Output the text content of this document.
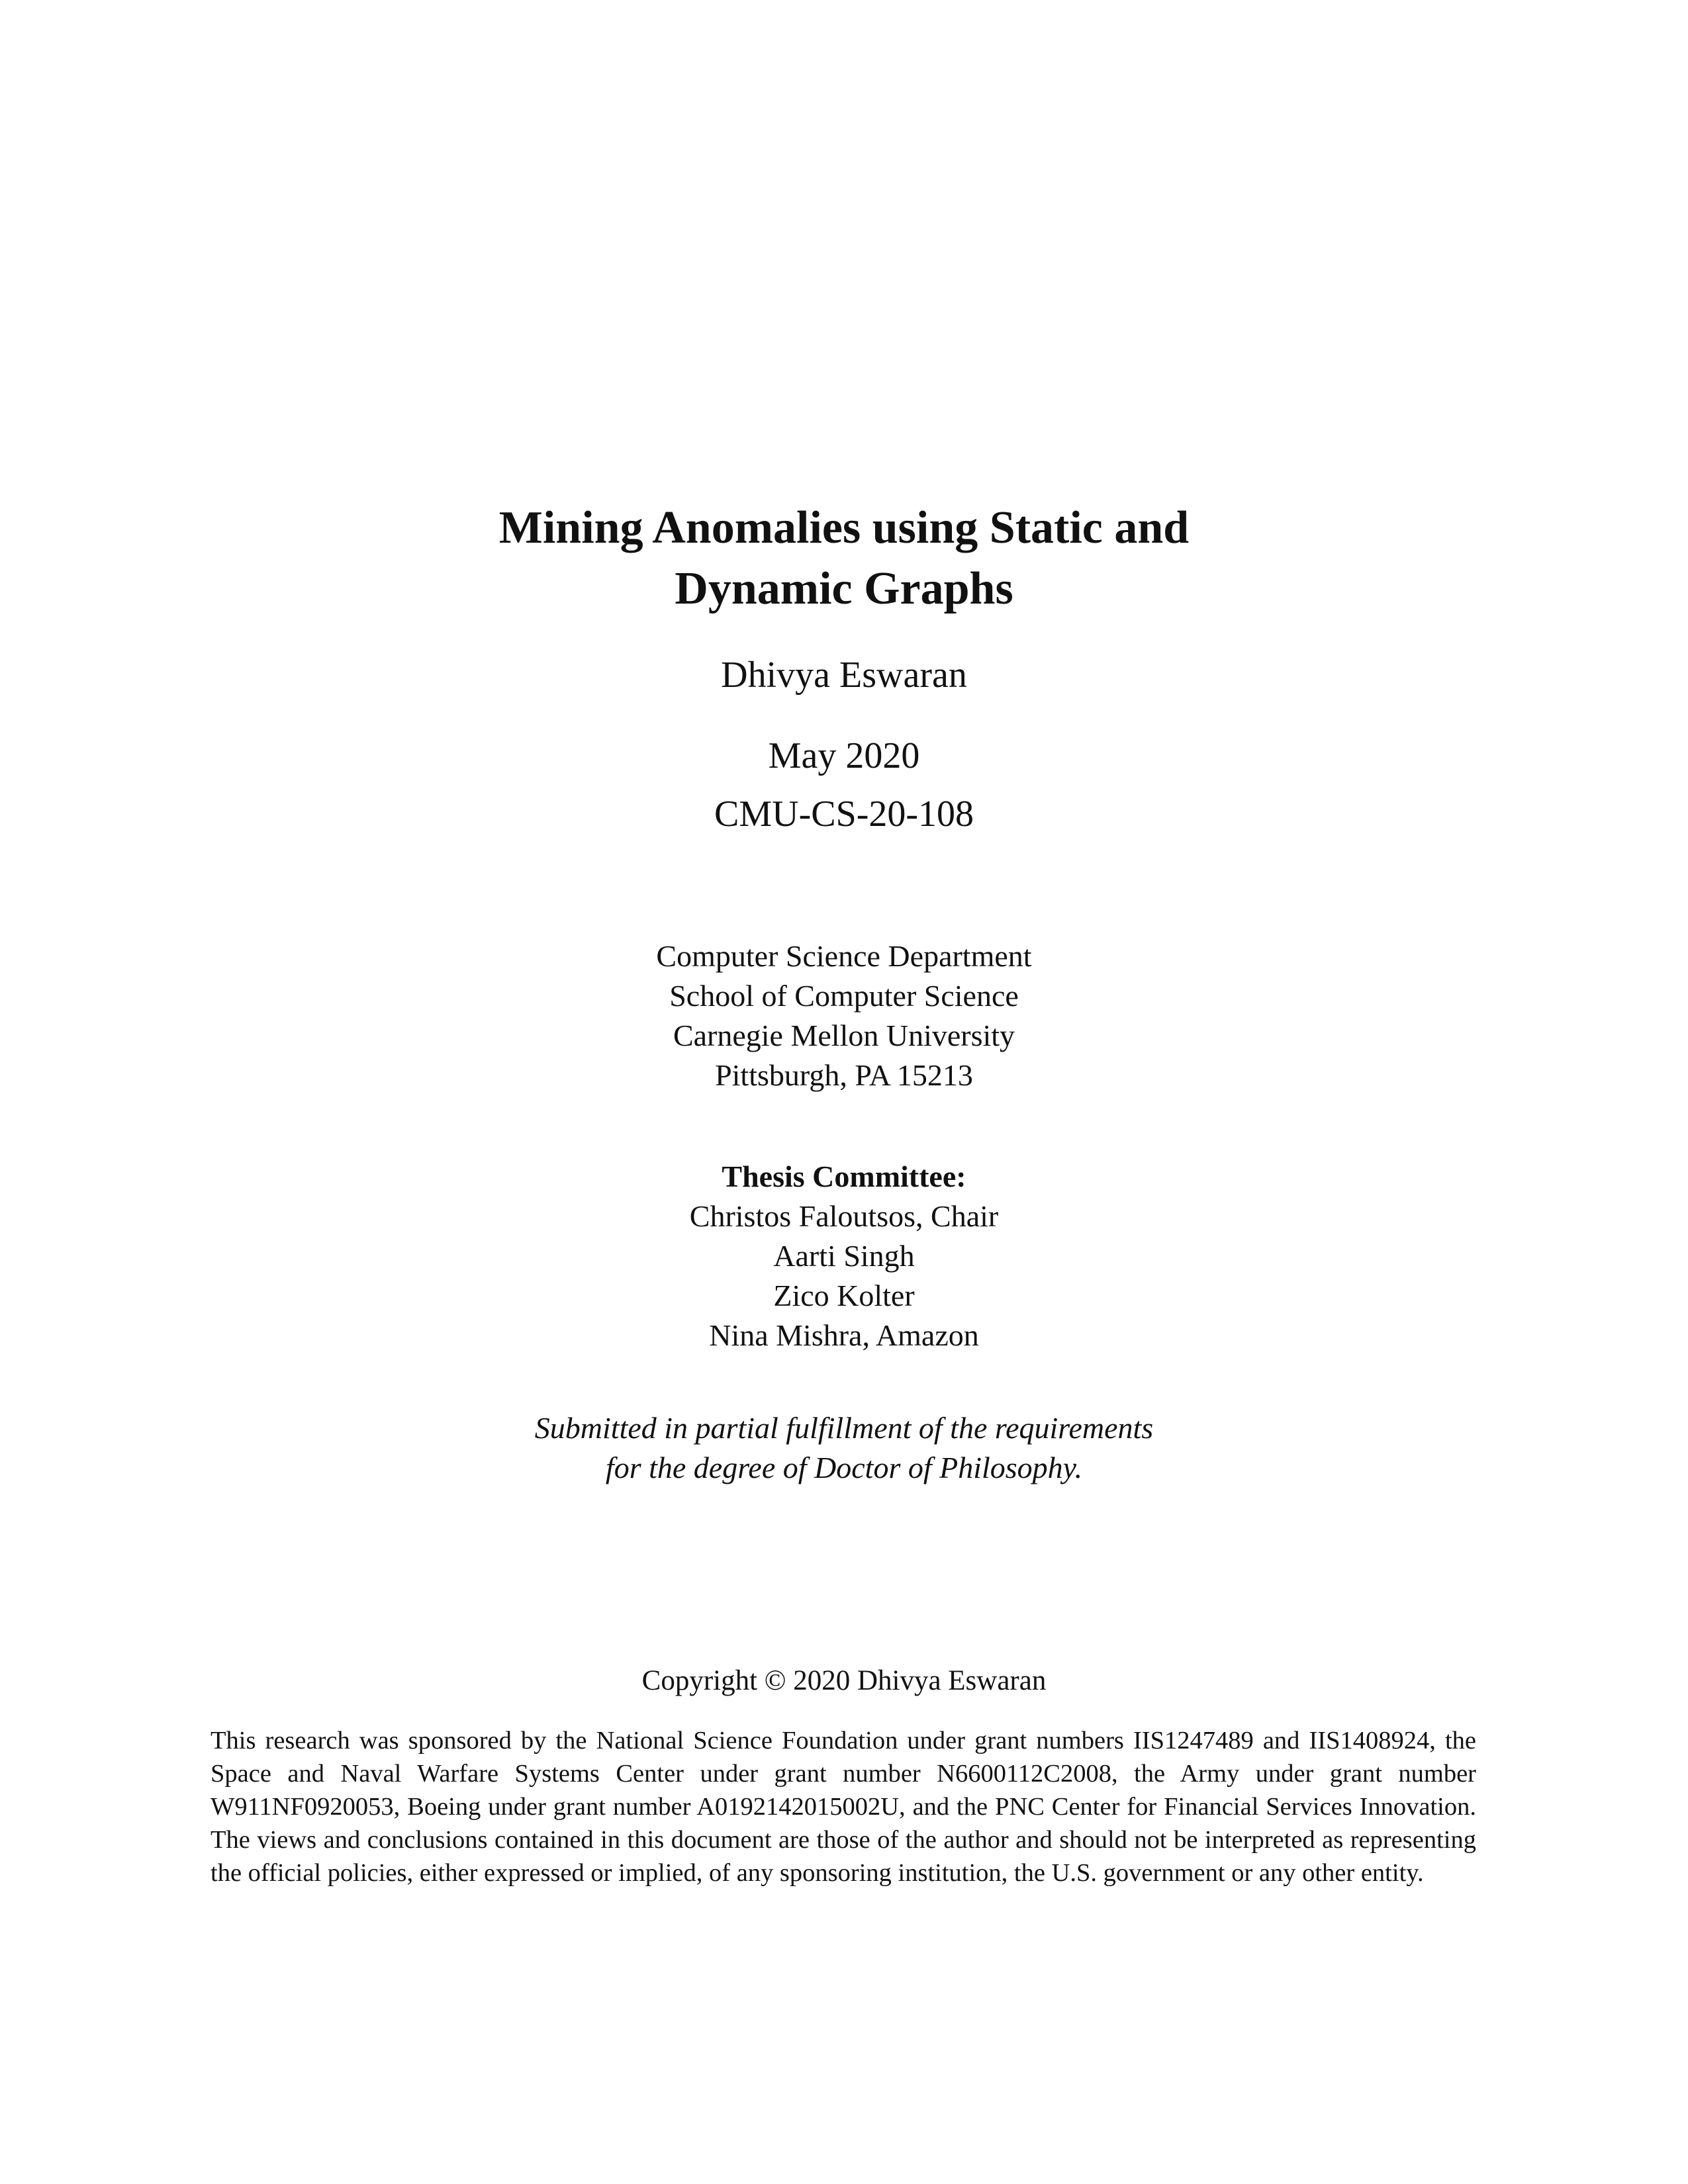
Mining Anomalies using Static and
Dynamic Graphs
Dhivya Eswaran
May 2020
CMU-CS-20-108
Computer Science Department
School of Computer Science
Carnegie Mellon University
Pittsburgh, PA 15213
Thesis Committee:
Christos Faloutsos, Chair
Aarti Singh
Zico Kolter
Nina Mishra, Amazon
Submitted in partial fulfillment of the requirements
for the degree of Doctor of Philosophy.
Copyright © 2020 Dhivya Eswaran
This research was sponsored by the National Science Foundation under grant numbers IIS1247489 and IIS1408924, the Space and Naval Warfare Systems Center under grant number N6600112C2008, the Army under grant number W911NF0920053, Boeing under grant number A0192142015002U, and the PNC Center for Financial Services Innovation. The views and conclusions contained in this document are those of the author and should not be interpreted as representing the official policies, either expressed or implied, of any sponsoring institution, the U.S. government or any other entity.
